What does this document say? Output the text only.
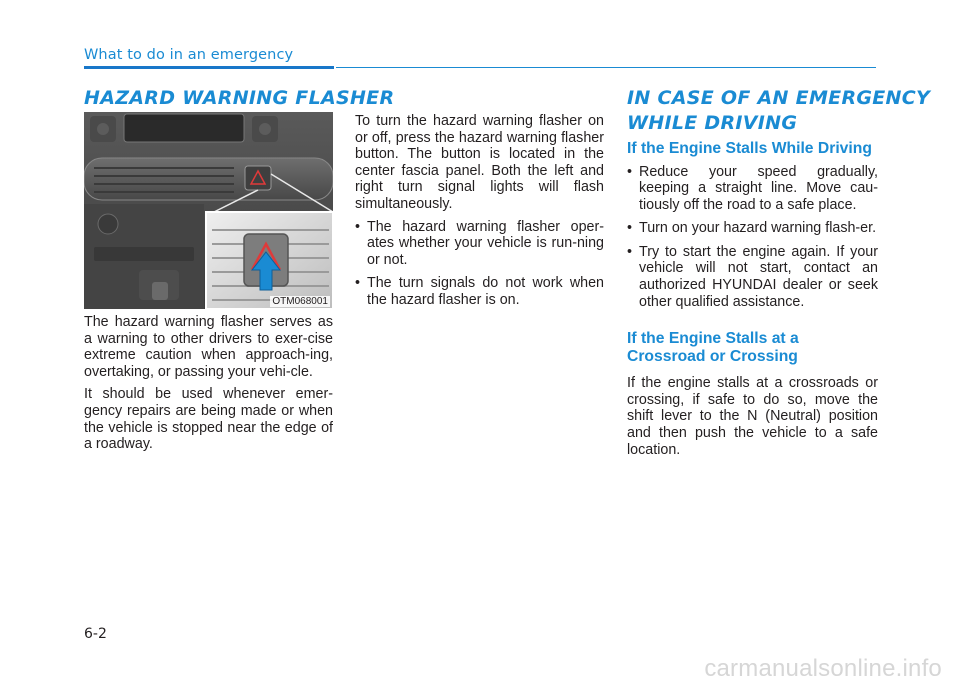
What to do in an emergency
HAZARD WARNING FLASHER
OTM068001

The hazard warning flasher serves as a warning to other drivers to exer-cise extreme caution when approach-ing, overtaking, or passing your vehi-cle.

It should be used whenever emer-gency repairs are being made or when the vehicle is stopped near the edge of a roadway.

To turn the hazard warning flasher on or off, press the hazard warning flasher button. The button is located in the center fascia panel. Both the left and right turn signal lights will flash simultaneously.

• The hazard warning flasher oper-ates whether your vehicle is run-ning or not.
• The turn signals do not work when the hazard flasher is on.
IN CASE OF AN EMERGENCY
WHILE DRIVING
If the Engine Stalls While Driving
• Reduce your speed gradually, keeping a straight line. Move cau-tiously off the road to a safe place.
• Turn on your hazard warning flash-er.
• Try to start the engine again. If your vehicle will not start, contact an authorized HYUNDAI dealer or seek other qualified assistance.
If the Engine Stalls at a Crossroad or Crossing

If the engine stalls at a crossroads or crossing, if safe to do so, move the shift lever to the N (Neutral) position and then push the vehicle to a safe location.

6-2
carmanualsonline.info
